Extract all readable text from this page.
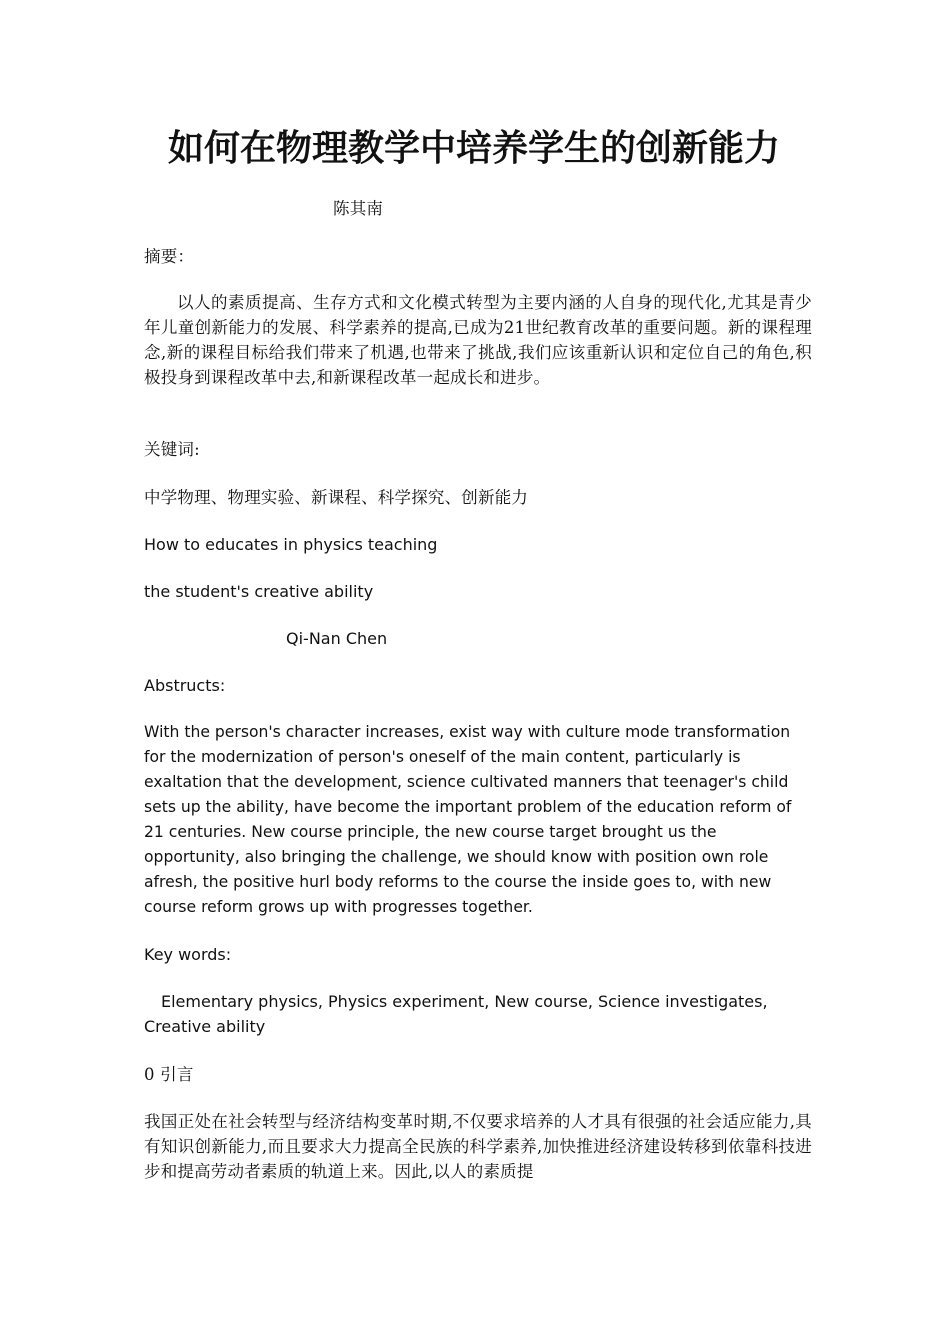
如何在物理教学中培养学生的创新能力

陈其南

摘要：

以人的素质提高、生存方式和文化模式转型为主要内涵的人自身的现代化,尤其是青少年儿童创新能力的发展、科学素养的提高,已成为21世纪教育改革的重要问题。新的课程理念,新的课程目标给我们带来了机遇,也带来了挑战,我们应该重新认识和定位自己的角色,积极投身到课程改革中去,和新课程改革一起成长和进步。

关键词:

中学物理、物理实验、新课程、科学探究、创新能力

How to educates in physics teaching

the student's creative ability

Qi-Nan Chen

Abstructs:

With the person's character increases, exist way with culture mode transformation for the modernization of person's oneself of the main content, particularly is exaltation that the development, science cultivated manners that teenager's child sets up the ability, have become the important problem of the education reform of 21 centuries. New course principle, the new course target brought us the opportunity, also bringing the challenge, we should know with position own role afresh, the positive hurl body reforms to the course the inside goes to, with new course reform grows up with progresses together.

Key words:

Elementary physics, Physics experiment, New course, Science investigates, Creative ability

0 引言

我国正处在社会转型与经济结构变革时期,不仅要求培养的人才具有很强的社会适应能力,具有知识创新能力,而且要求大力提高全民族的科学素养,加快推进经济建设转移到依靠科技进步和提高劳动者素质的轨道上来。因此,以人的素质提
